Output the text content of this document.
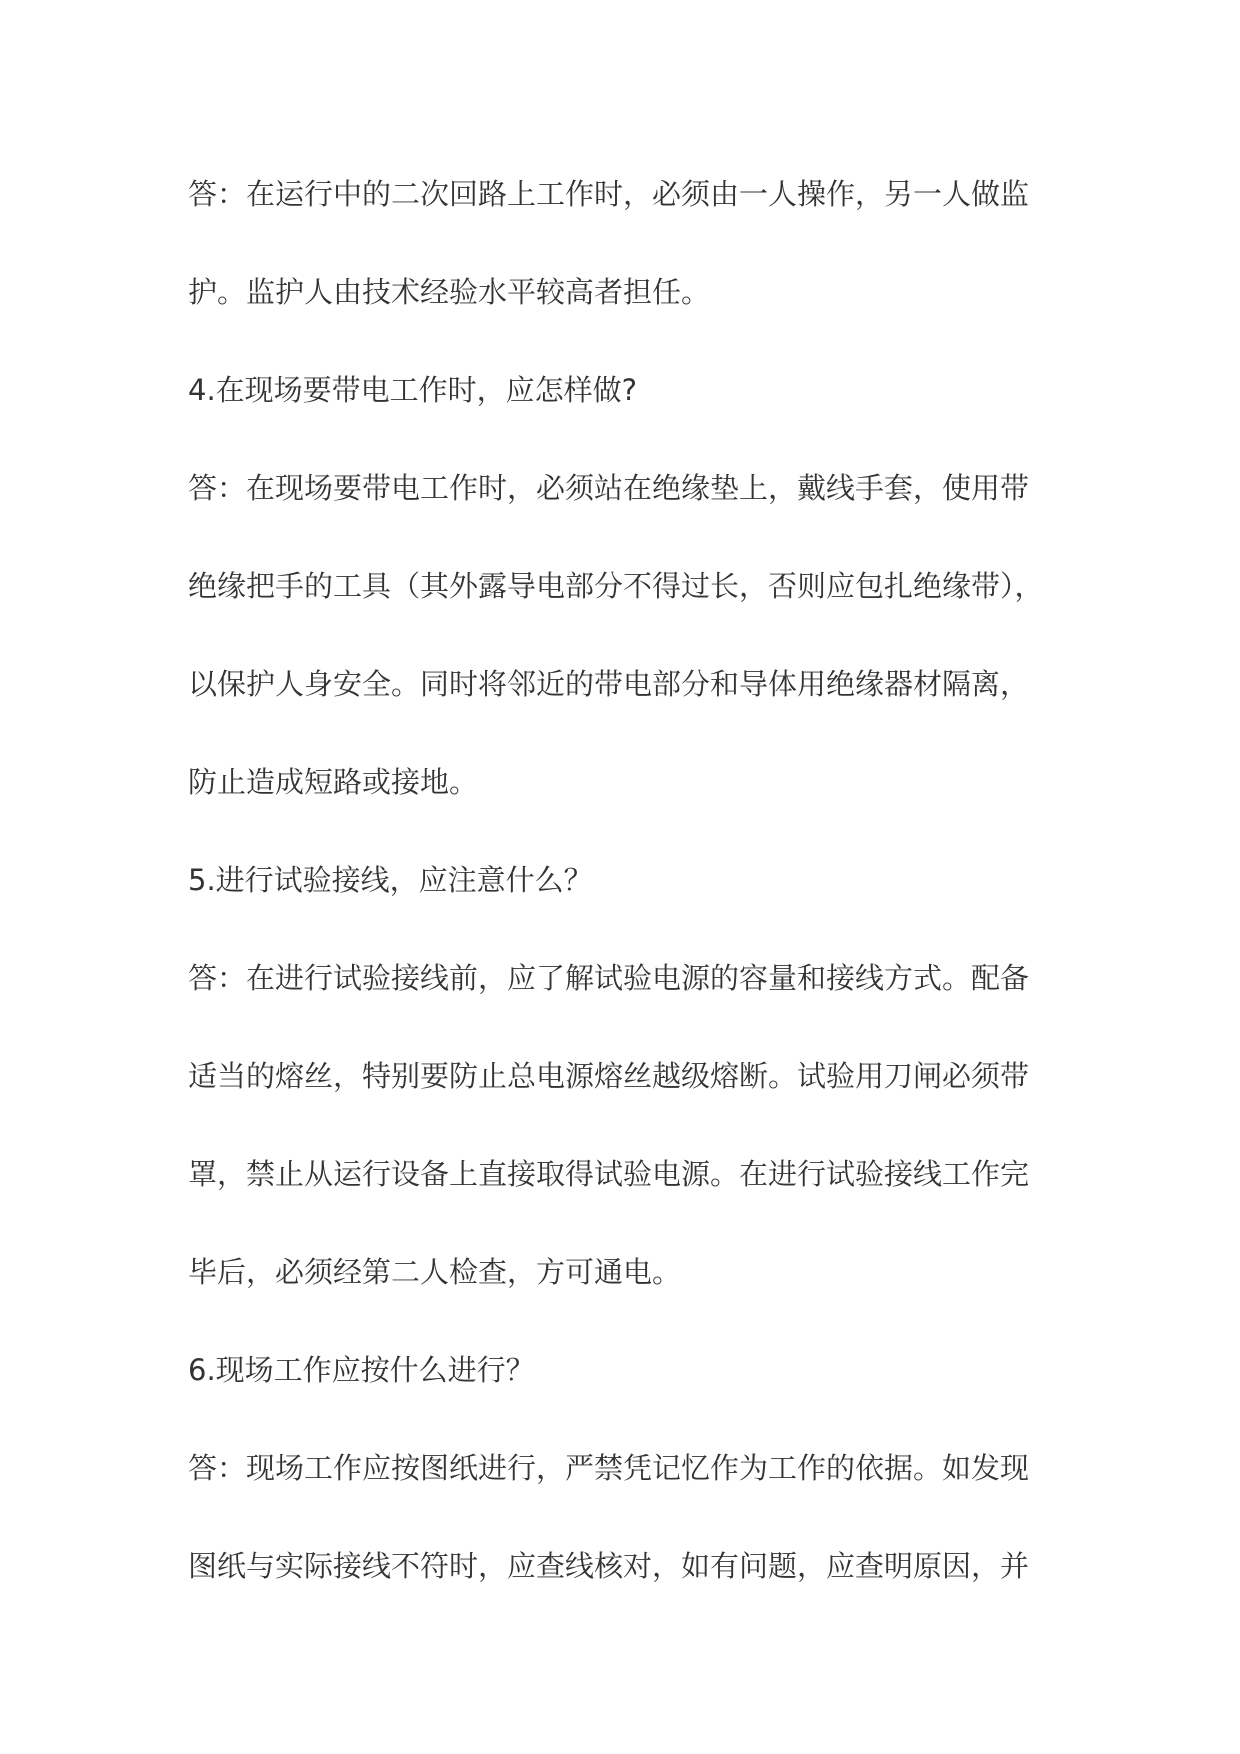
答：在运行中的二次回路上工作时，必须由一人操作，另一人做监
护。监护人由技术经验水平较高者担任。
4.在现场要带电工作时，应怎样做?
答：在现场要带电工作时，必须站在绝缘垫上，戴线手套，使用带
绝缘把手的工具（其外露导电部分不得过长，否则应包扎绝缘带），
以保护人身安全。同时将邻近的带电部分和导体用绝缘器材隔离，
防止造成短路或接地。
5.进行试验接线，应注意什么？
答：在进行试验接线前，应了解试验电源的容量和接线方式。配备
适当的熔丝，特别要防止总电源熔丝越级熔断。试验用刀闸必须带
罩，禁止从运行设备上直接取得试验电源。在进行试验接线工作完
毕后，必须经第二人检查，方可通电。
6.现场工作应按什么进行？
答：现场工作应按图纸进行，严禁凭记忆作为工作的依据。如发现
图纸与实际接线不符时，应查线核对，如有问题，应查明原因，并
